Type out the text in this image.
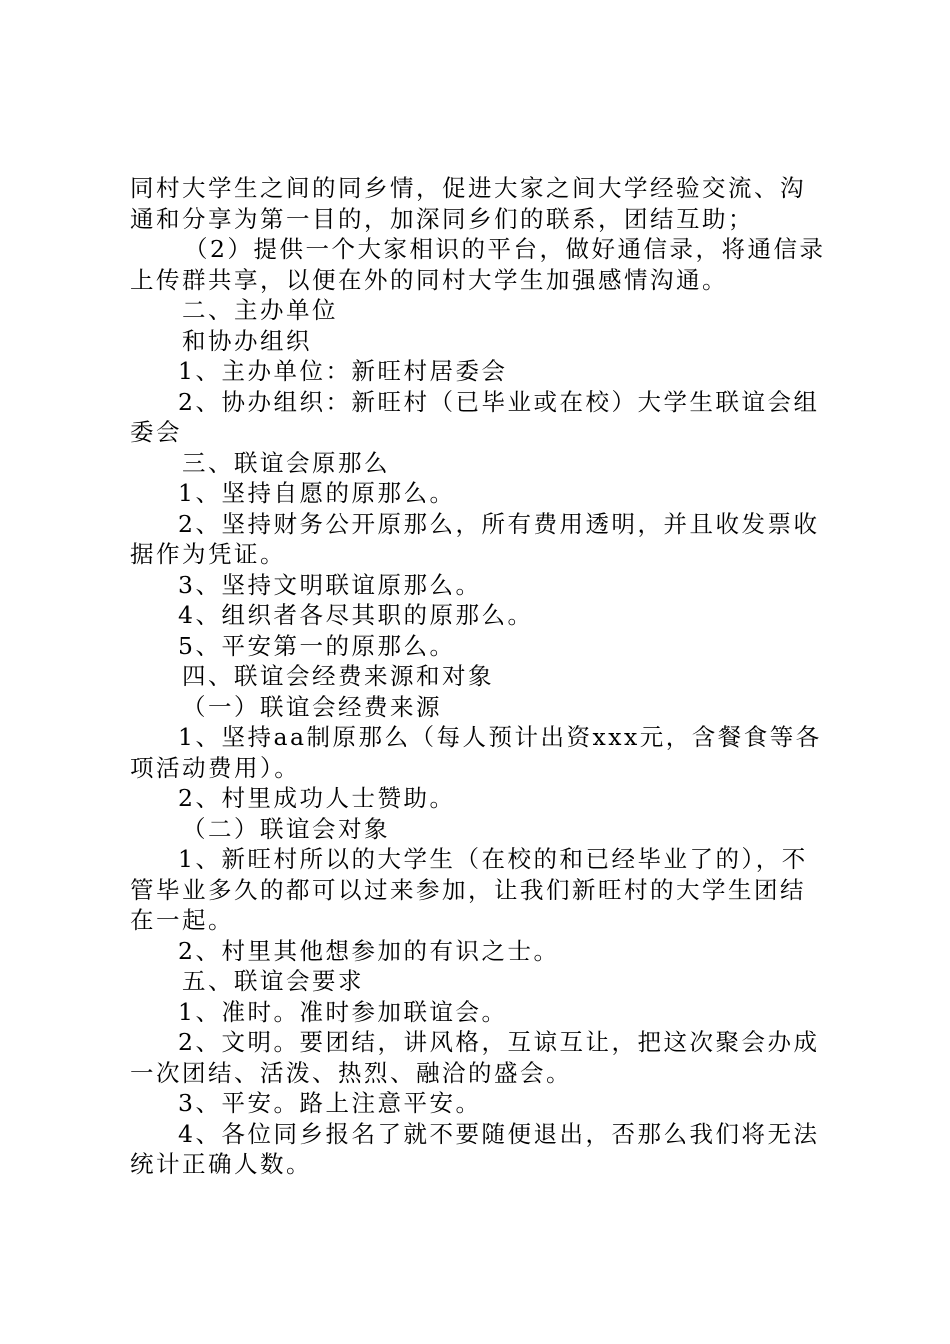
同村大学生之间的同乡情，促进大家之间大学经验交流、沟通和分享为第一目的，加深同乡们的联系，团结互助；

（2）提供一个大家相识的平台，做好通信录，将通信录上传群共享，以便在外的同村大学生加强感情沟通。

二、主办单位

和协办组织

1、主办单位：新旺村居委会

2、协办组织：新旺村（已毕业或在校）大学生联谊会组委会

三、联谊会原那么

1、坚持自愿的原那么。

2、坚持财务公开原那么，所有费用透明，并且收发票收据作为凭证。

3、坚持文明联谊原那么。

4、组织者各尽其职的原那么。

5、平安第一的原那么。

四、联谊会经费来源和对象

（一）联谊会经费来源

1、坚持aa制原那么（每人预计出资xxx元，含餐食等各项活动费用）。

2、村里成功人士赞助。

（二）联谊会对象

1、新旺村所以的大学生（在校的和已经毕业了的），不管毕业多久的都可以过来参加，让我们新旺村的大学生团结在一起。

2、村里其他想参加的有识之士。

五、联谊会要求

1、准时。准时参加联谊会。

2、文明。要团结，讲风格，互谅互让，把这次聚会办成一次团结、活泼、热烈、融洽的盛会。

3、平安。路上注意平安。

4、各位同乡报名了就不要随便退出，否那么我们将无法统计正确人数。
